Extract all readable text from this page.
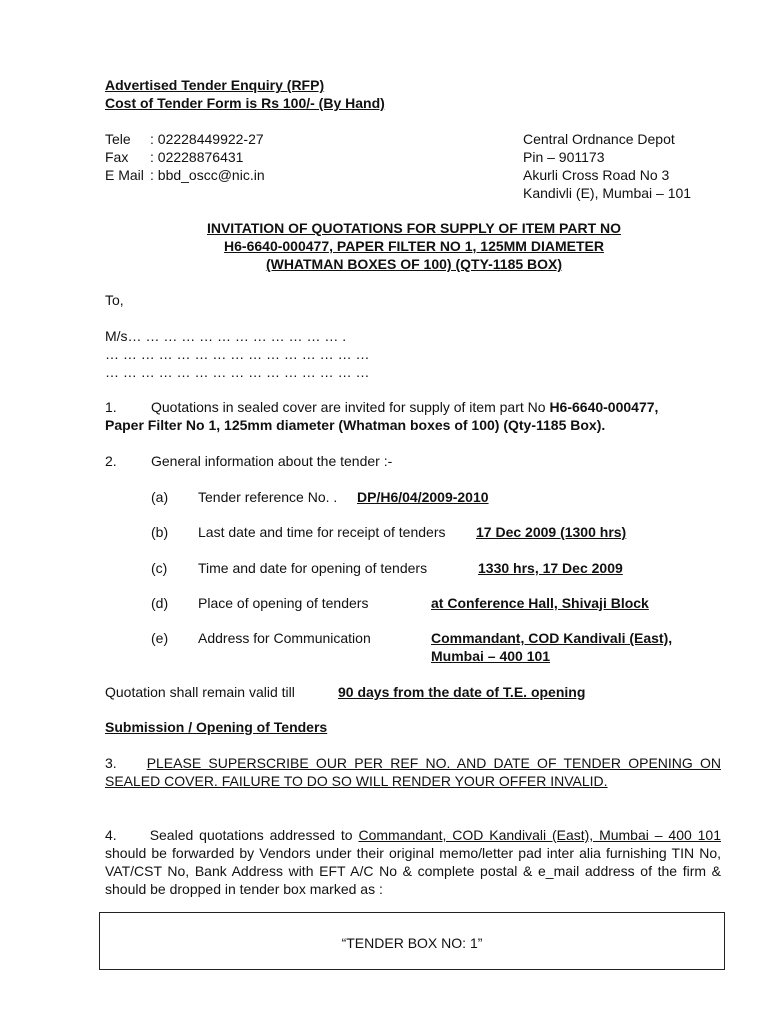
Advertised Tender Enquiry (RFP)
Cost of Tender Form is Rs 100/- (By Hand)
Tele : 02228449922-27
Fax : 02228876431
E Mail : bbd_oscc@nic.in
Central Ordnance Depot
Pin – 901173
Akurli Cross Road No 3
Kandivli (E), Mumbai – 101
INVITATION OF QUOTATIONS FOR SUPPLY OF ITEM PART NO
H6-6640-000477, PAPER FILTER NO 1, 125MM DIAMETER
(WHATMAN BOXES OF 100) (QTY-1185 BOX)
To,
M/s… … … … … … … … … … … … .
… … … … … … … … … … … … … … …
… … … … … … … … … … … … … … …
1. Quotations in sealed cover are invited for supply of item part No H6-6640-000477,
Paper Filter No 1, 125mm diameter (Whatman boxes of 100) (Qty-1185 Box).
2. General information about the tender :-
(a) Tender reference No. . DP/H6/04/2009-2010
(b) Last date and time for receipt of tenders 17 Dec 2009 (1300 hrs)
(c) Time and date for opening of tenders	1330 hrs, 17 Dec 2009
(d) Place of opening of tenders	at Conference Hall, Shivaji Block
(e) Address for Communication	Commandant, COD Kandivali (East),
Mumbai – 400 101
Quotation shall remain valid till	90 days from the date of T.E. opening
Submission / Opening of Tenders
3. PLEASE SUPERSCRIBE OUR PER REF NO. AND DATE OF TENDER OPENING ON SEALED COVER. FAILURE TO DO SO WILL RENDER YOUR OFFER INVALID.
4. Sealed quotations addressed to Commandant, COD Kandivali (East), Mumbai – 400 101 should be forwarded by Vendors under their original memo/letter pad inter alia furnishing TIN No, VAT/CST No, Bank Address with EFT A/C No & complete postal & e_mail address of the firm & should be dropped in tender box marked as :
“TENDER BOX NO: 1”
